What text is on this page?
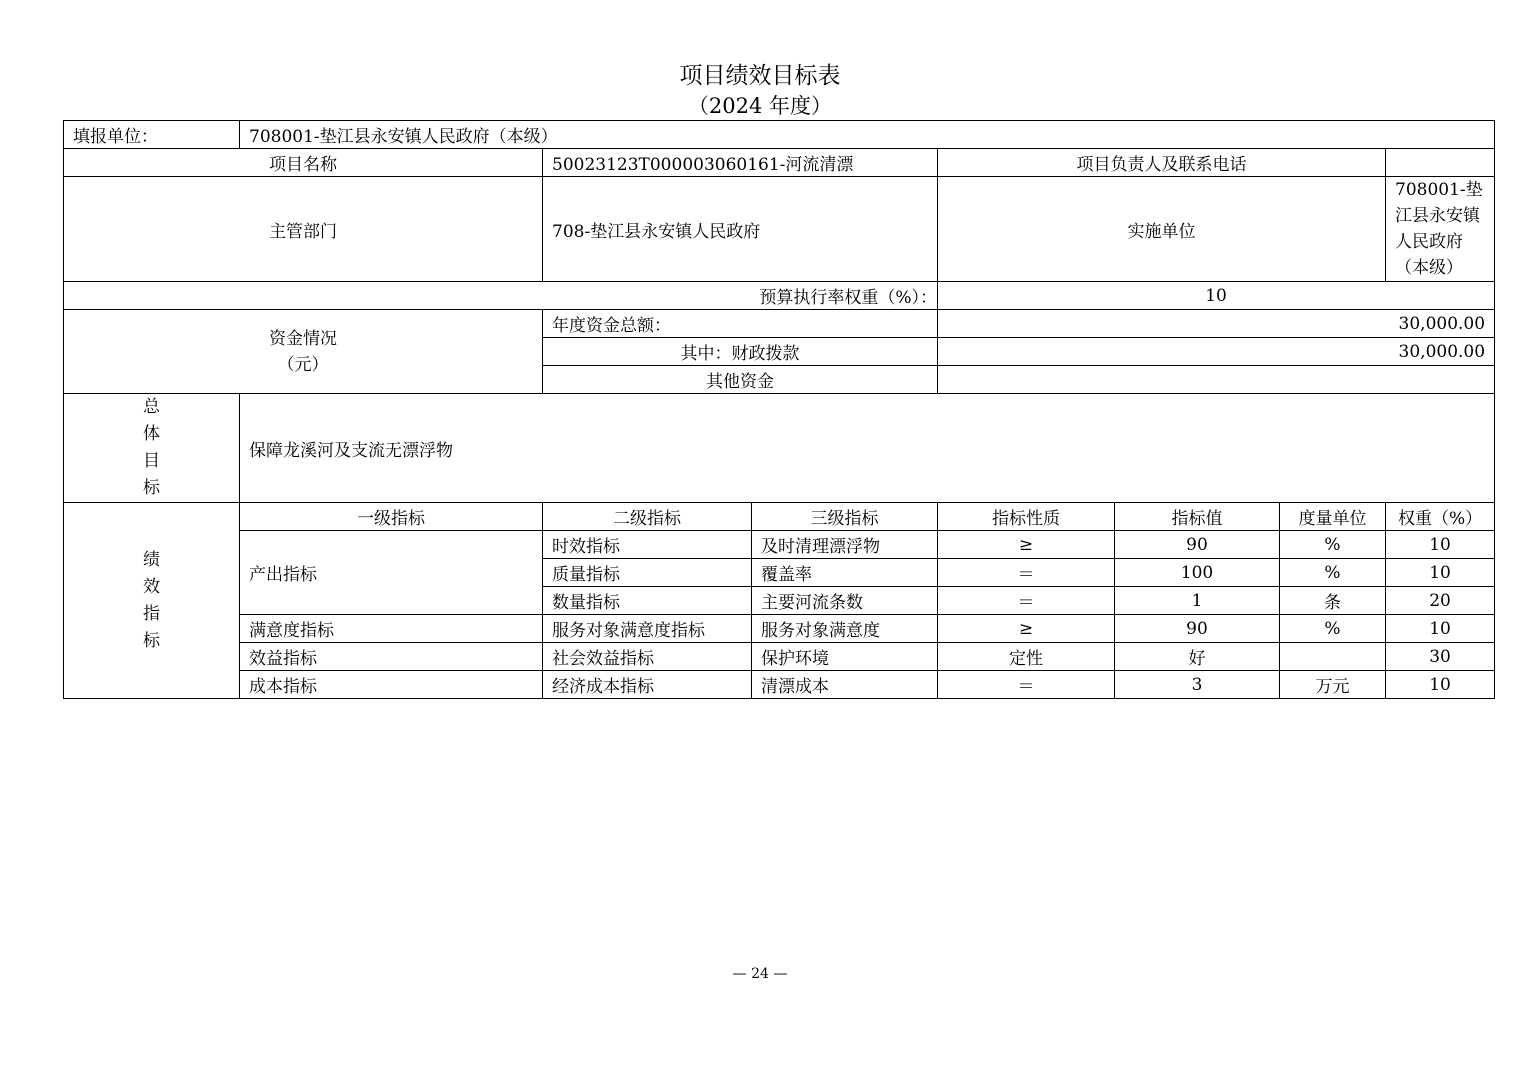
项目绩效目标表
（2024 年度）
填报单位：	708001-垫江县永安镇人民政府（本级）						
项目名称		50023123T000003060161-河流清漂		项目负责人及联系电话			
主管部门		708-垫江县永安镇人民政府		实施单位			708001-垫江县永安镇人民政府（本级）
预算执行率权重（%）：				10			

资金情况
（元）		年度资金总额：		30,000.00			
		其中：财政拨款		30,000.00			
		其他资金					

总
体
目
标	保障龙溪河及支流无漂浮物						

绩
效
指
标	一级指标	二级指标	三级指标	指标性质	指标值	度量单位	权重（%）
	产出指标	时效指标	及时清理漂浮物	≥	90	%	10
		质量指标	覆盖率	＝	100	%	10
		数量指标	主要河流条数	＝	1	条	20
	满意度指标	服务对象满意度指标	服务对象满意度	≥	90	%	10
	效益指标	社会效益指标	保护环境	定性	好		30
	成本指标	经济成本指标	清漂成本	＝	3	万元	10
— 24 —
